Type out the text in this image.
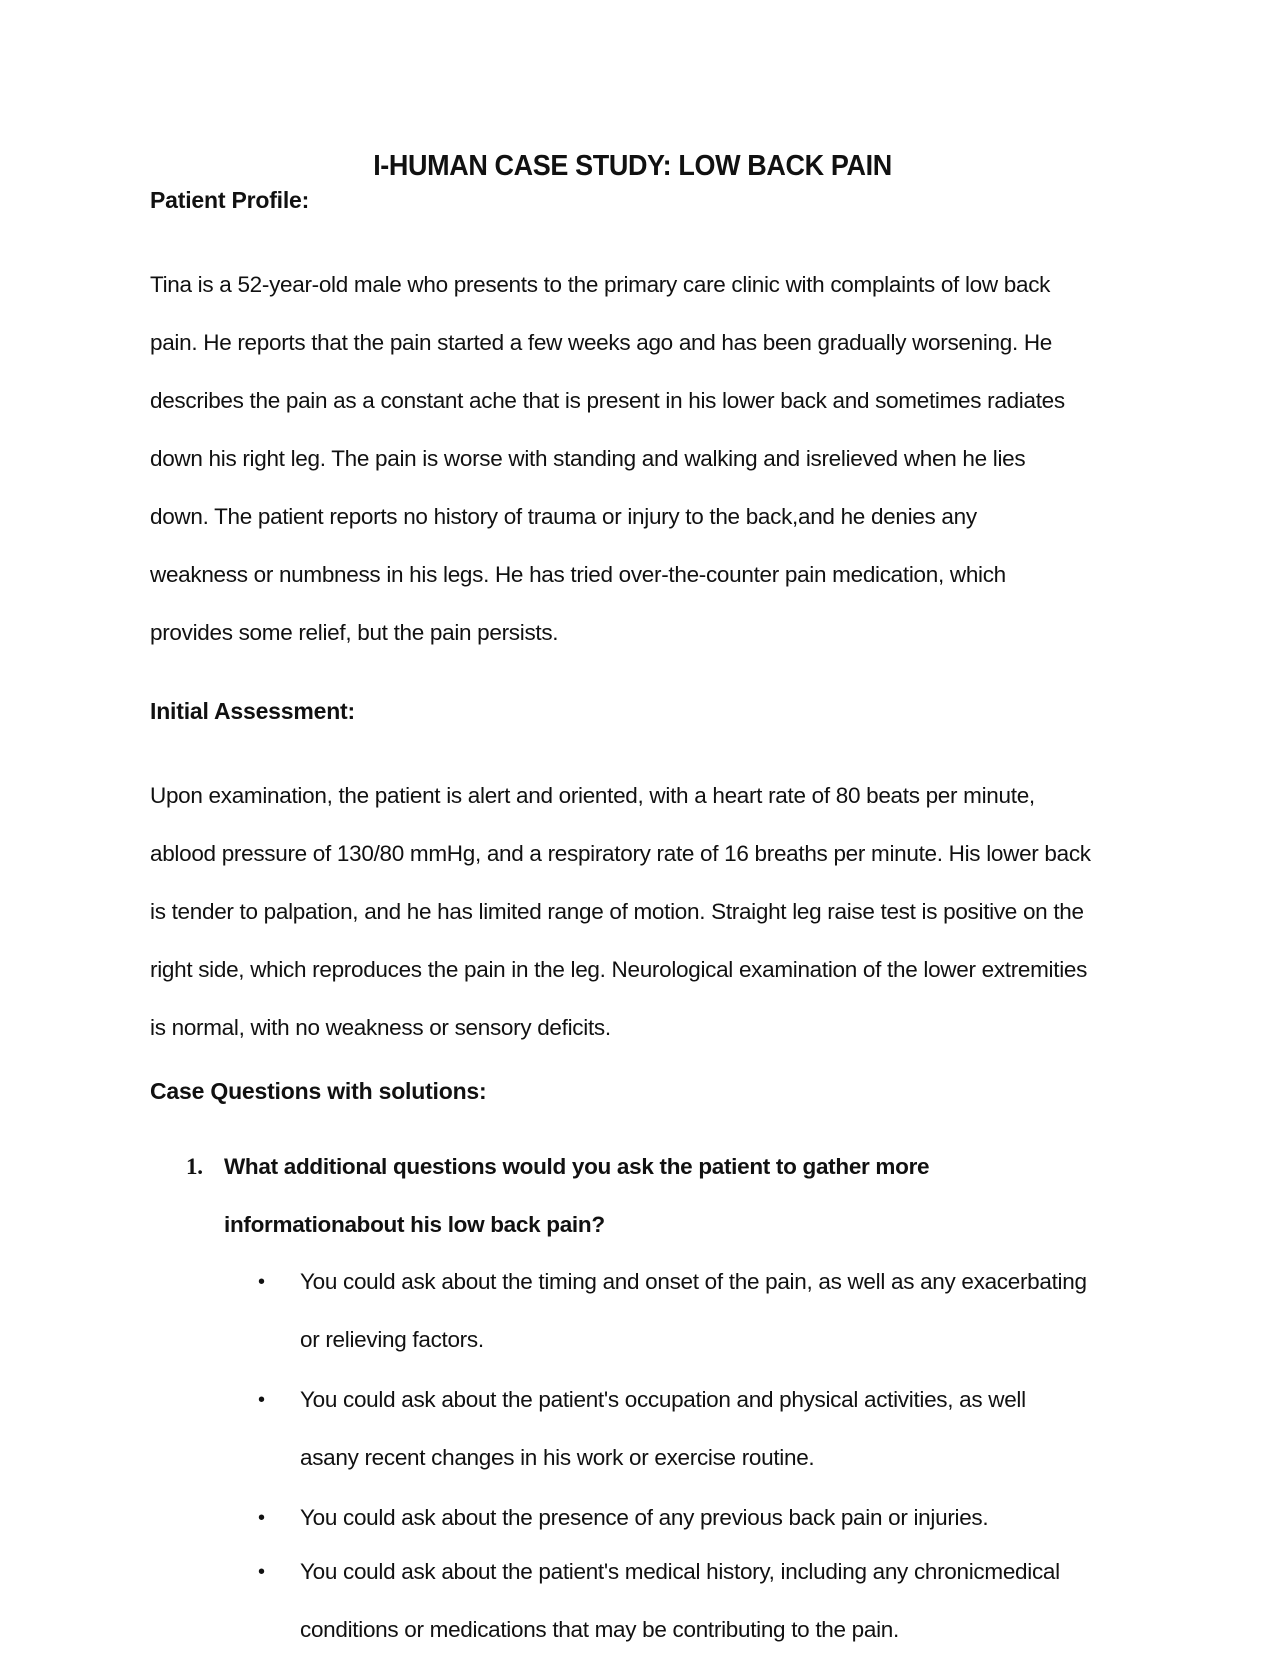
I-HUMAN CASE STUDY: LOW BACK PAIN
Patient Profile:

Tina is a 52-year-old male who presents to the primary care clinic with complaints of low back pain. He reports that the pain started a few weeks ago and has been gradually worsening. He describes the pain as a constant ache that is present in his lower back and sometimes radiates down his right leg. The pain is worse with standing and walking and isrelieved when he lies down. The patient reports no history of trauma or injury to the back,and he denies any weakness or numbness in his legs. He has tried over-the-counter pain medication, which provides some relief, but the pain persists.

Initial Assessment:

Upon examination, the patient is alert and oriented, with a heart rate of 80 beats per minute, ablood pressure of 130/80 mmHg, and a respiratory rate of 16 breaths per minute. His lower back is tender to palpation, and he has limited range of motion. Straight leg raise test is positive on the right side, which reproduces the pain in the leg. Neurological examination of the lower extremities is normal, with no weakness or sensory deficits.

Case Questions with solutions:
1. What additional questions would you ask the patient to gather more informationabout his low back pain?
•	You could ask about the timing and onset of the pain, as well as any exacerbating or relieving factors.
•	You could ask about the patient's occupation and physical activities, as well asany recent changes in his work or exercise routine.
•	You could ask about the presence of any previous back pain or injuries.
•	You could ask about the patient's medical history, including any chronicmedical conditions or medications that may be contributing to the pain.
